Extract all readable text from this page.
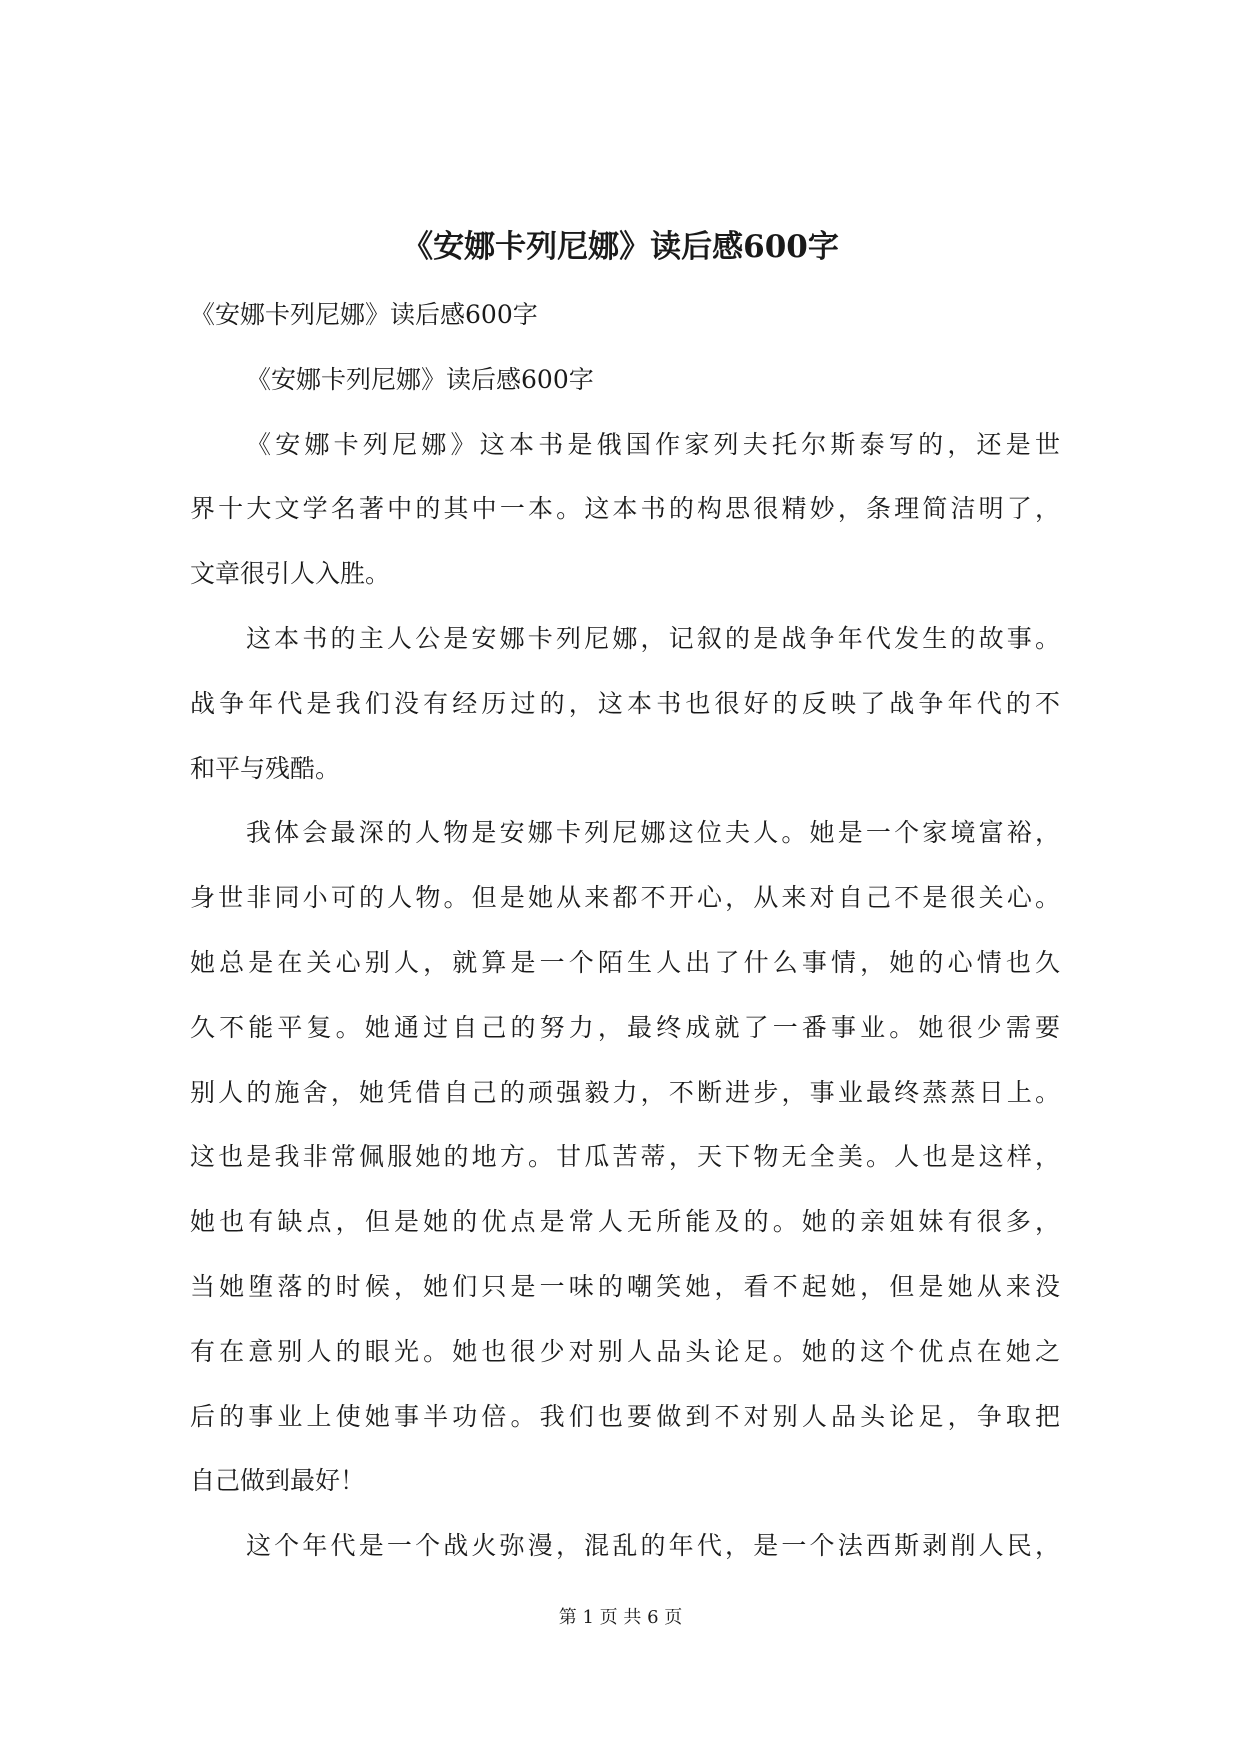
《安娜卡列尼娜》读后感600字

《安娜卡列尼娜》读后感600字

《安娜卡列尼娜》读后感600字

《安娜卡列尼娜》这本书是俄国作家列夫托尔斯泰写的，还是世

界十大文学名著中的其中一本。这本书的构思很精妙，条理简洁明了，

文章很引人入胜。

这本书的主人公是安娜卡列尼娜，记叙的是战争年代发生的故事。

战争年代是我们没有经历过的，这本书也很好的反映了战争年代的不

和平与残酷。

我体会最深的人物是安娜卡列尼娜这位夫人。她是一个家境富裕，

身世非同小可的人物。但是她从来都不开心，从来对自己不是很关心。

她总是在关心别人，就算是一个陌生人出了什么事情，她的心情也久

久不能平复。她通过自己的努力，最终成就了一番事业。她很少需要

别人的施舍，她凭借自己的顽强毅力，不断进步，事业最终蒸蒸日上。

这也是我非常佩服她的地方。甘瓜苦蒂，天下物无全美。人也是这样，

她也有缺点，但是她的优点是常人无所能及的。她的亲姐妹有很多，

当她堕落的时候，她们只是一味的嘲笑她，看不起她，但是她从来没

有在意别人的眼光。她也很少对别人品头论足。她的这个优点在她之

后的事业上使她事半功倍。我们也要做到不对别人品头论足，争取把

自己做到最好！

这个年代是一个战火弥漫，混乱的年代，是一个法西斯剥削人民，

第 1 页 共 6 页
